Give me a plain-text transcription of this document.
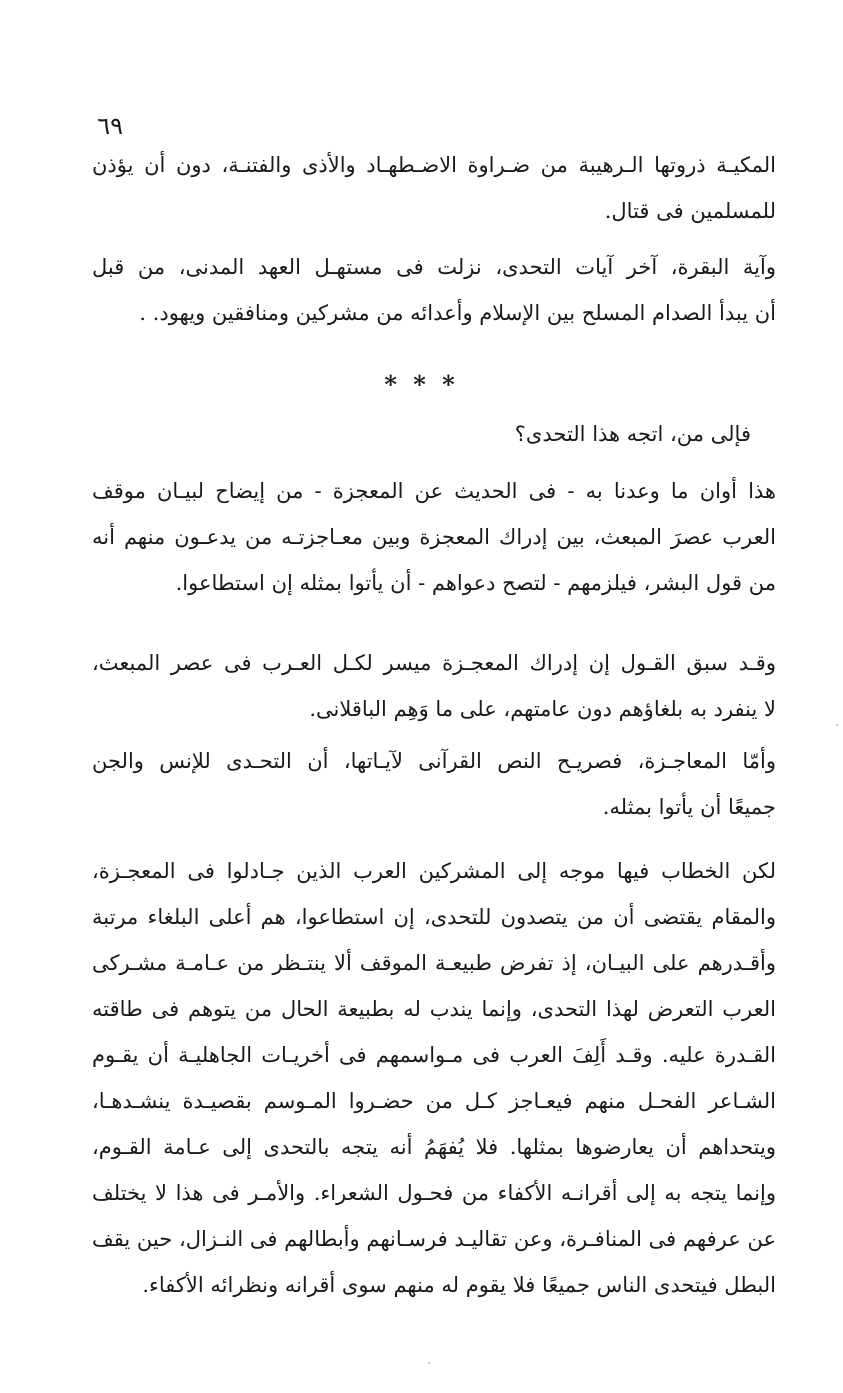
٦٩
المكيـة ذروتها الـرهيبة من ضـراوة الاضـطهـاد والأذى والفتنـة، دون أن يؤذن
للمسلمين فى قتال.
وآية البقرة، آخر آيات التحدى، نزلت فى مستهـل العهد المدنى، من قبل
أن يبدأ الصدام المسلح بين الإسلام وأعدائه من مشركين ومنافقين ويهود. .
* * *
فإلى من، اتجه هذا التحدى؟
هذا أوان ما وعدنا به - فى الحديث عن المعجزة - من إيضاح لبيـان موقف
العرب عصرَ المبعث، بين إدراك المعجزة وبين معـاجزتـه من يدعـون منهم أنه
من قول البشر، فيلزمهم - لتصح دعواهم - أن يأتوا بمثله إن استطاعوا.
وقـد سبق القـول إن إدراك المعجـزة ميسر لكـل العـرب فى عصر المبعث،
لا ينفرد به بلغاؤهم دون عامتهم، على ما وَهِم الباقلانى.
وأمّا المعاجـزة، فصريـح النص القرآنى لآيـاتها، أن التحـدى للإنس والجن
جميعًا أن يأتوا بمثله.
لكن الخطاب فيها موجه إلى المشركين العرب الذين جـادلوا فى المعجـزة،
والمقام يقتضى أن من يتصدون للتحدى، إن استطاعوا، هم أعلى البلغاء مرتبة
وأقـدرهم على البيـان، إذ تفرض طبيعـة الموقف ألا ينتـظر من عـامـة مشـركى
العرب التعرض لهذا التحدى، وإنما يندب له بطبيعة الحال من يتوهم فى طاقته
القـدرة عليه. وقـد أَلِفَ العرب فى مـواسمهم فى أخريـات الجاهليـة أن يقـوم
الشـاعر الفحـل منهم فيعـاجز كـل من حضـروا المـوسم بقصيـدة ينشـدهـا،
ويتحداهم أن يعارضوها بمثلها. فلا يُفهَمُ أنه يتجه بالتحدى إلى عـامة القـوم،
وإنما يتجه به إلى أقرانـه الأكفاء من فحـول الشعراء. والأمـر فى هذا لا يختلف
عن عرفهم فى المنافـرة، وعن تقاليـد فرسـانهم وأبطالهم فى النـزال، حين يقف
البطل فيتحدى الناس جميعًا فلا يقوم له منهم سوى أقرانه ونظرائه الأكفاء.
